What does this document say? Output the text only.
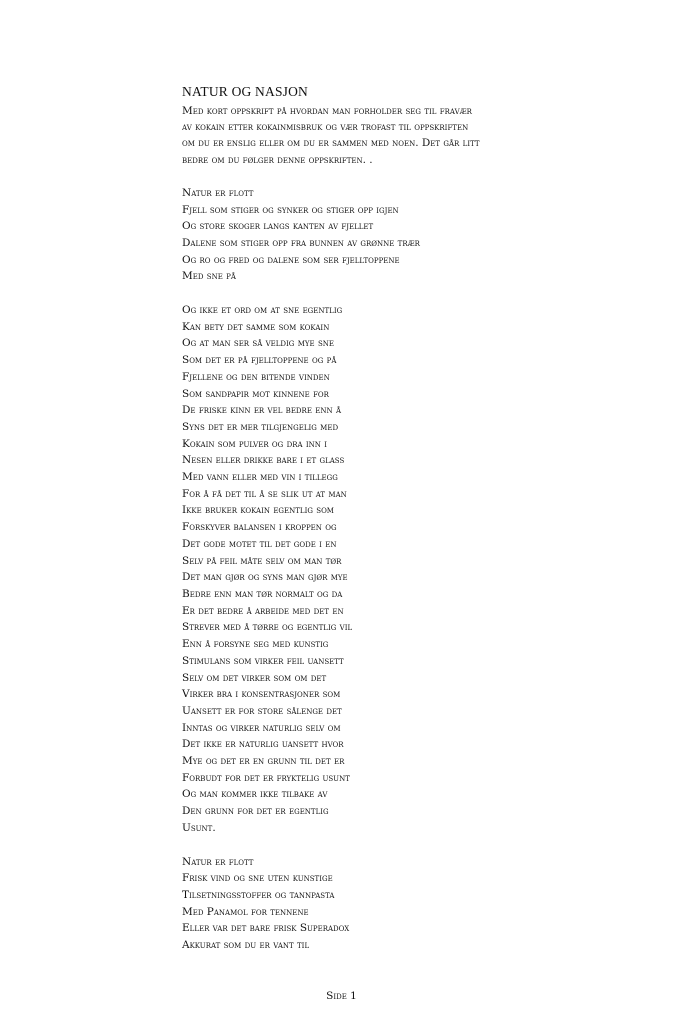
NATUR OG NASJON
Med kort oppskrift på hvordan man forholder seg til fravær
av kokain etter kokainmisbruk og vær trofast til oppskriften
om du er enslig eller om du er sammen med noen. Det går litt
bedre om du følger denne oppskriften. .
Natur er flott
Fjell som stiger og synker og stiger opp igjen
Og store skoger langs kanten av fjellet
Dalene som stiger opp fra bunnen av grønne trær
Og ro og fred og dalene som ser fjelltoppene
Med sne på
Og ikke et ord om at sne egentlig
Kan bety det samme som kokain
Og at man ser så veldig mye sne
Som det er på fjelltoppene og på
Fjellene og den bitende vinden
Som sandpapir mot kinnene for
De friske kinn er vel bedre enn å
Syns det er mer tilgjengelig med
Kokain som pulver og dra inn i
Nesen eller drikke bare i et glass
Med vann eller med vin i tillegg
For å få det til å se slik ut at man
Ikke bruker kokain egentlig som
Forskyver balansen i kroppen og
Det gode motet til det gode i en
Selv på feil måte selv om man tør
Det man gjør og syns man gjør mye
Bedre enn man tør normalt og da
Er det bedre å arbeide med det en
Strever med å tørre og egentlig vil
Enn å forsyne seg med kunstig
Stimulans som virker feil uansett
Selv om det virker som om det
Virker bra i konsentrasjoner som
Uansett er for store sålenge det
Inntas og virker naturlig selv om
Det ikke er naturlig uansett hvor
Mye og det er en grunn til det er
Forbudt for det er fryktelig usunt
Og man kommer ikke tilbake av
Den grunn for det er egentlig
Usunt.
Natur er flott
Frisk vind og sne uten kunstige
Tilsetningsstoffer og tannpasta
Med Panamol for tennene
Eller var det bare frisk Superadox
Akkurat som du er vant til
Side 1
